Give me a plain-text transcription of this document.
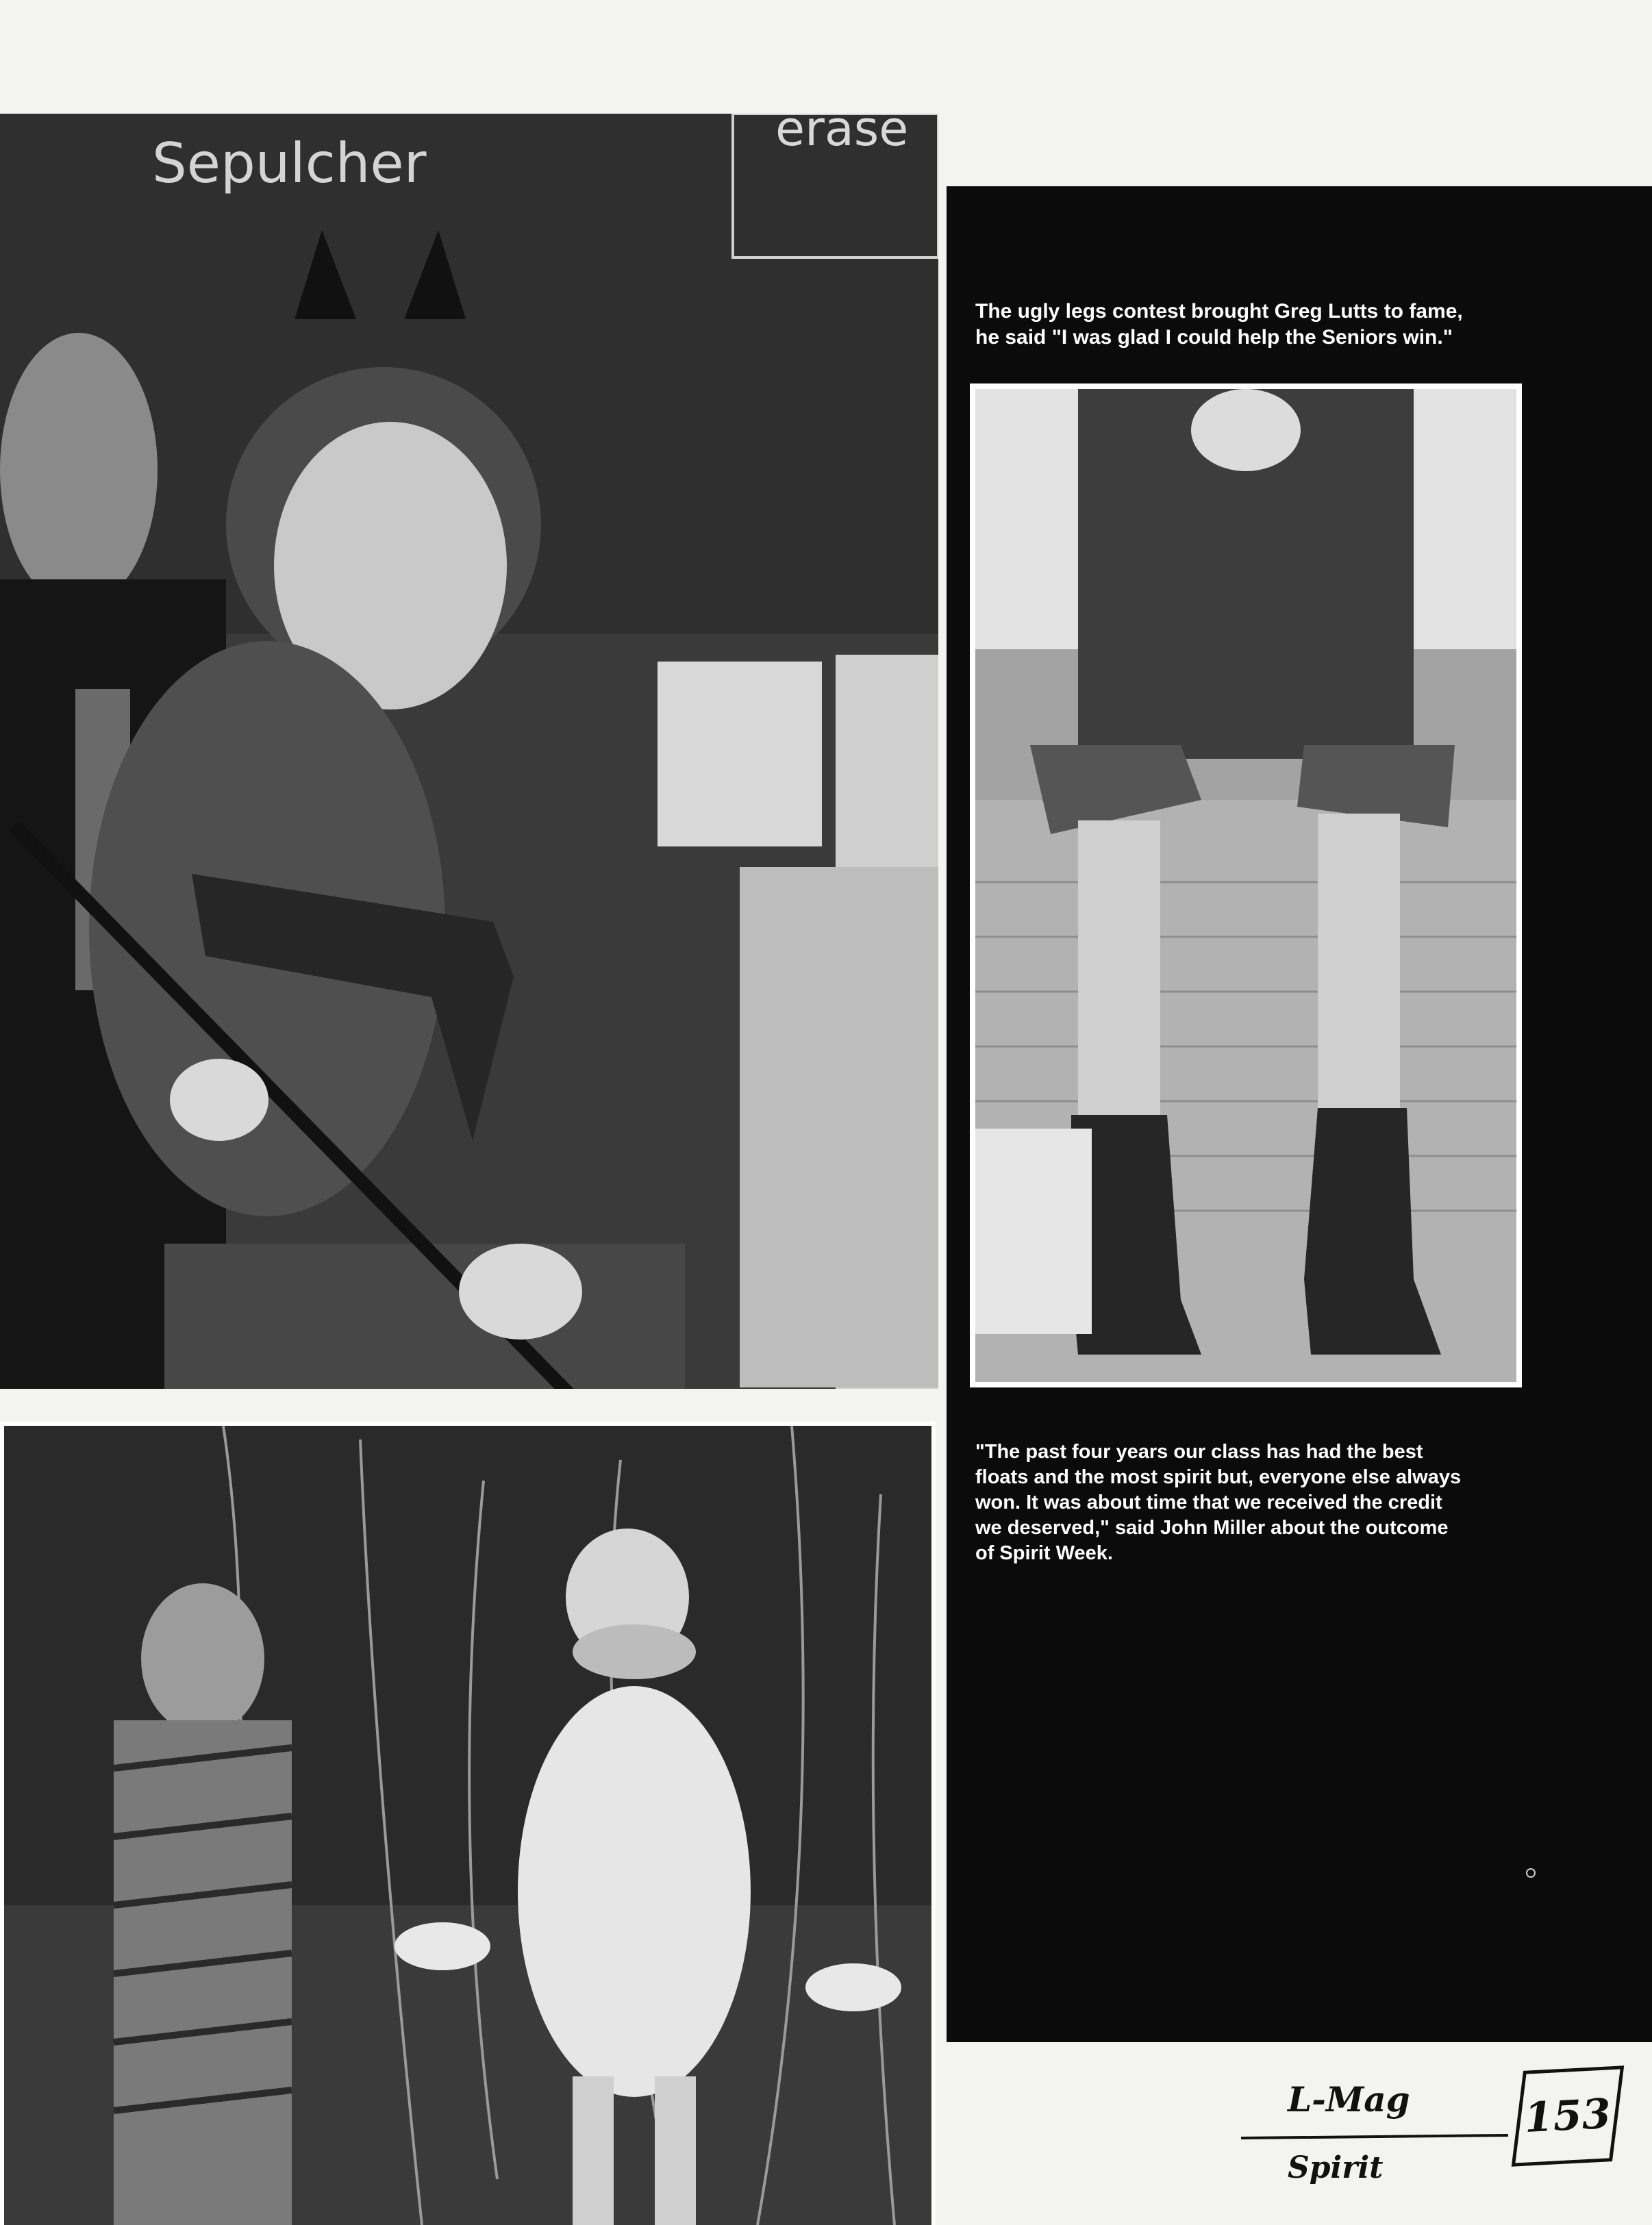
erase
Sepulcher
The ugly legs contest brought Greg Lutts to fame,
he said "I was glad I could help the Seniors win."
"The past four years our class has had the best
floats and the most spirit but, everyone else always
won. It was about time that we received the credit
we deserved," said John Miller about the outcome
of Spirit Week.
L-Mag
Spirit
153
